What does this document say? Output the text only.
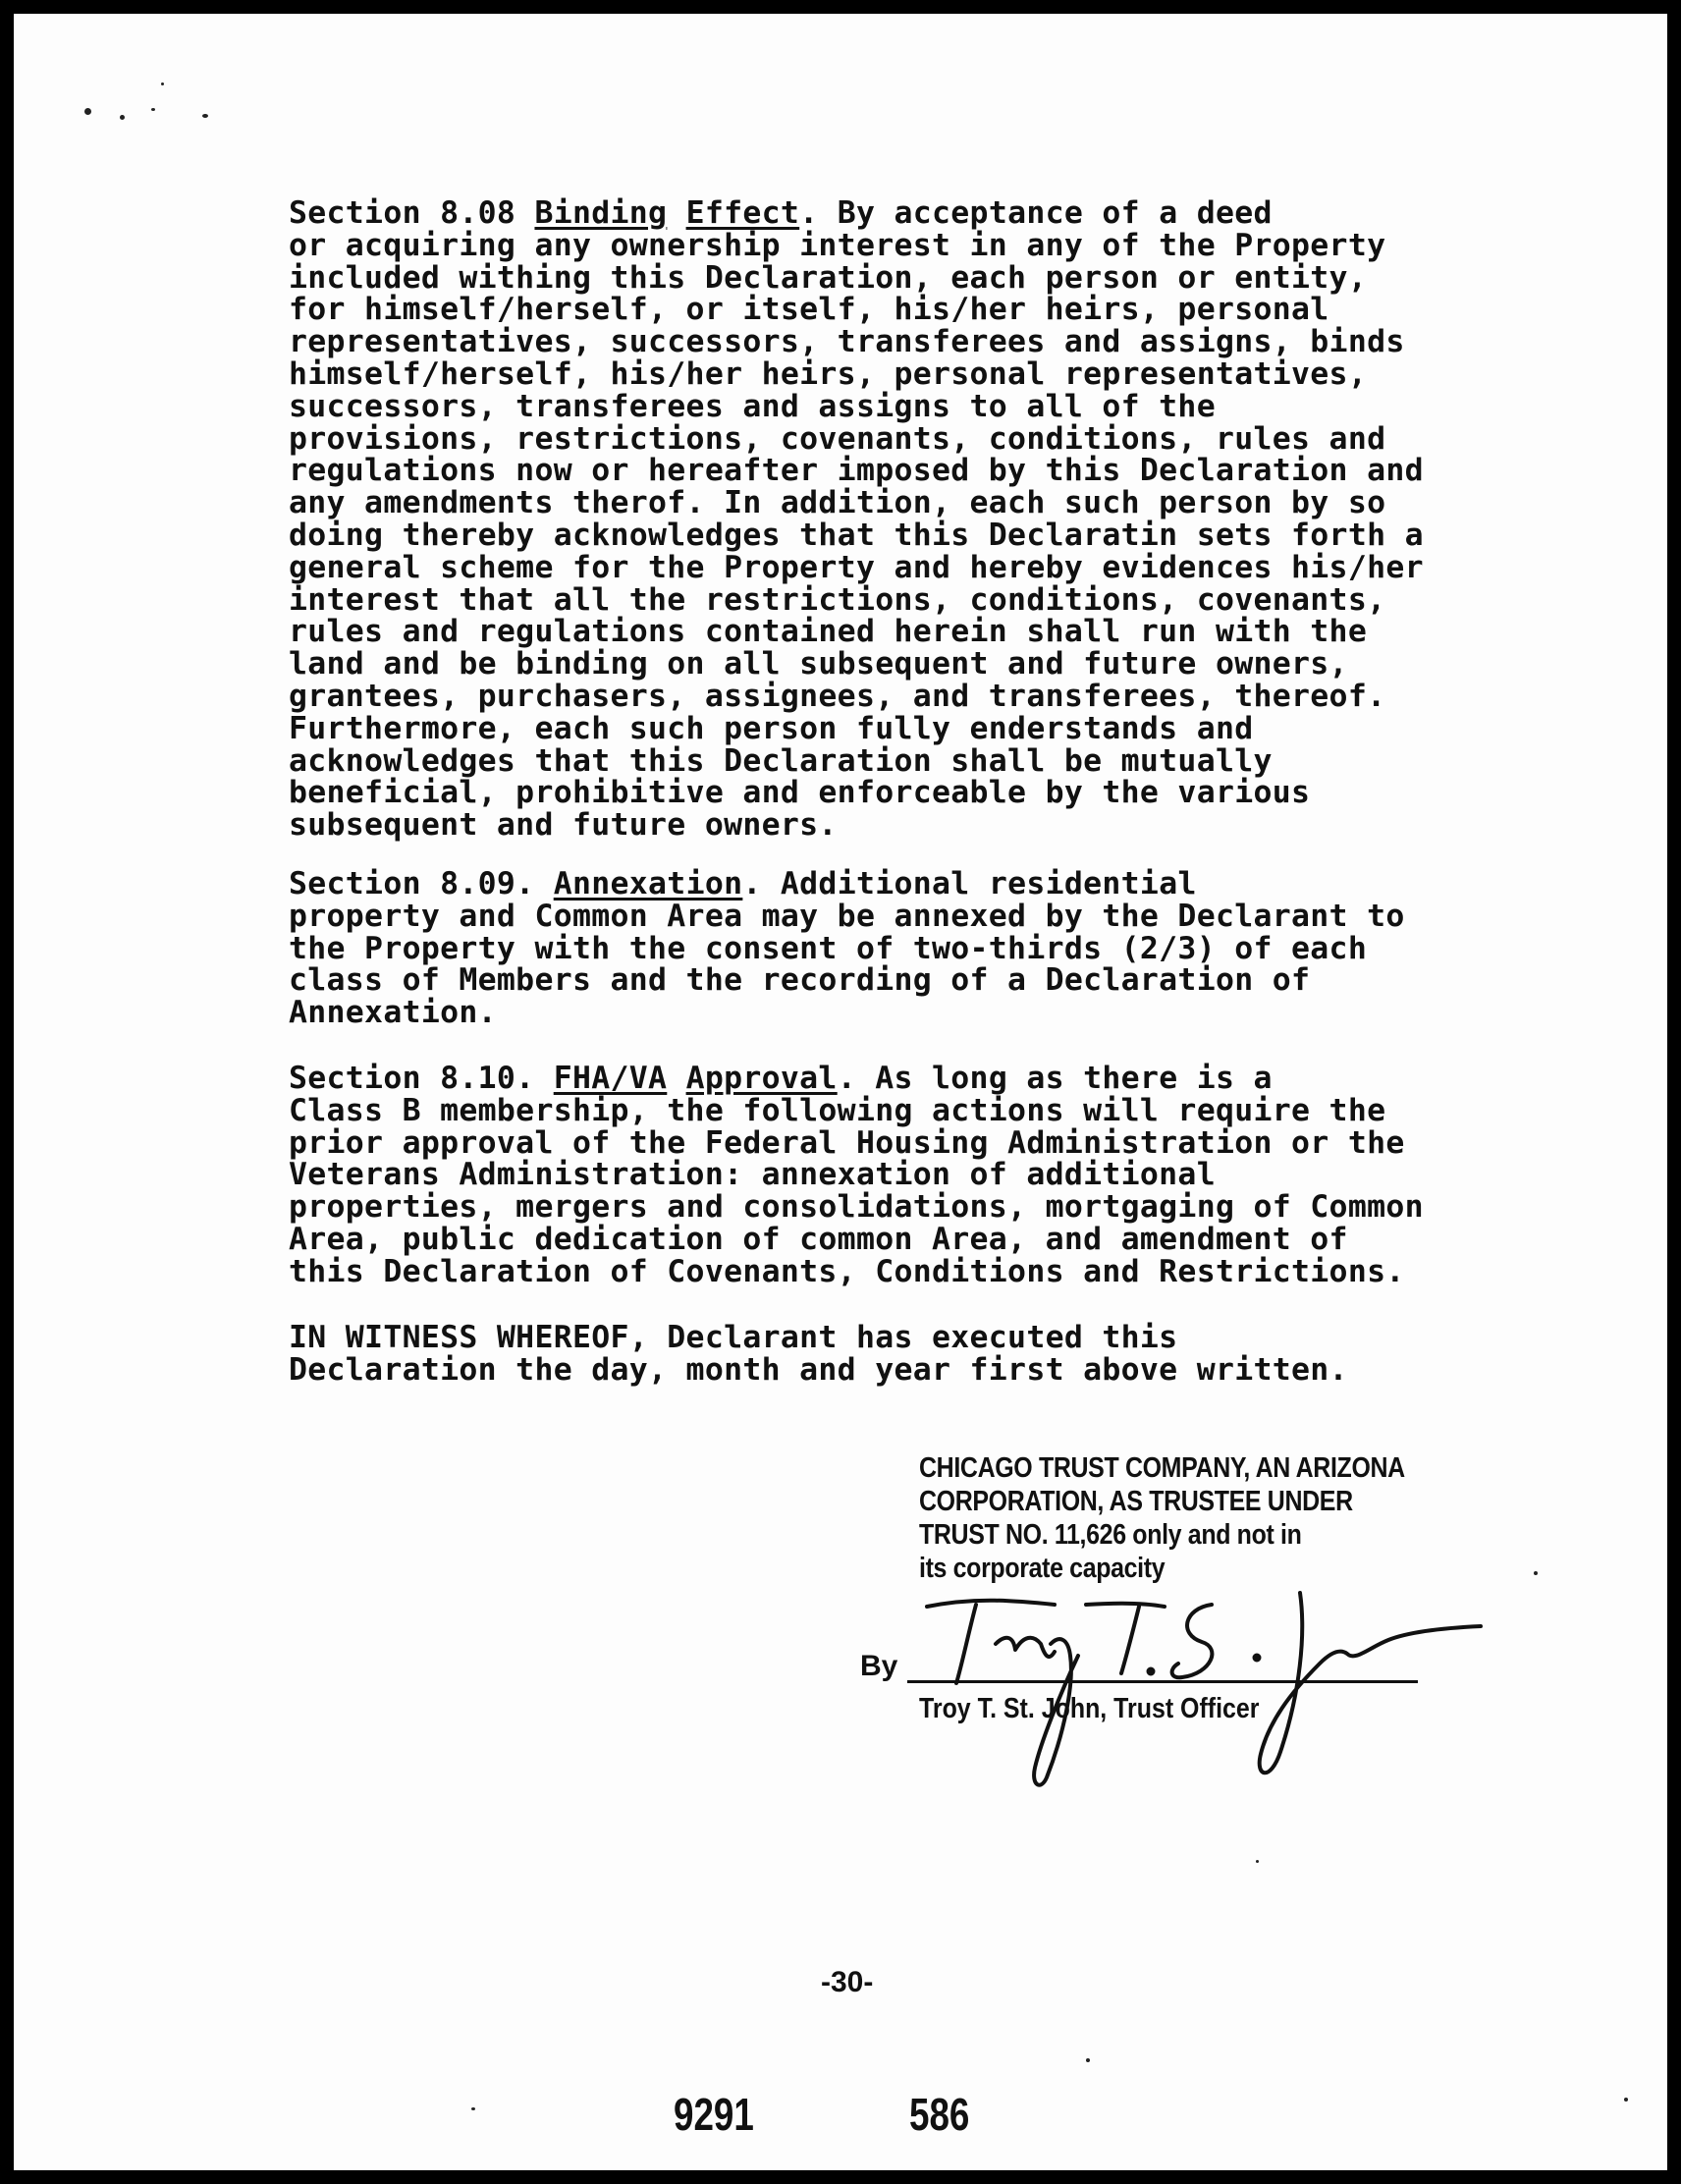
Section 8.08 Binding Effect. By acceptance of a deed
or acquiring any ownership interest in any of the Property
included withing this Declaration, each person or entity,
for himself/herself, or itself, his/her heirs, personal
representatives, successors, transferees and assigns, binds
himself/herself, his/her heirs, personal representatives,
successors, transferees and assigns to all of the
provisions, restrictions, covenants, conditions, rules and
regulations now or hereafter imposed by this Declaration and
any amendments therof. In addition, each such person by so
doing thereby acknowledges that this Declaratin sets forth a
general scheme for the Property and hereby evidences his/her
interest that all the restrictions, conditions, covenants,
rules and regulations contained herein shall run with the
land and be binding on all subsequent and future owners,
grantees, purchasers, assignees, and transferees, thereof.
Furthermore, each such person fully enderstands and
acknowledges that this Declaration shall be mutually
beneficial, prohibitive and enforceable by the various
subsequent and future owners.

Section 8.09. Annexation. Additional residential
property and Common Area may be annexed by the Declarant to
the Property with the consent of two-thirds (2/3) of each
class of Members and the recording of a Declaration of
Annexation.

Section 8.10. FHA/VA Approval. As long as there is a
Class B membership, the following actions will require the
prior approval of the Federal Housing Administration or the
Veterans Administration: annexation of additional
properties, mergers and consolidations, mortgaging of Common
Area, public dedication of common Area, and amendment of
this Declaration of Covenants, Conditions and Restrictions.

IN WITNESS WHEREOF, Declarant has executed this
Declaration the day, month and year first above written.

CHICAGO TRUST COMPANY, AN ARIZONA
CORPORATION, AS TRUSTEE UNDER
TRUST NO. 11,626 only and not in
its corporate capacity
By
Troy T. St. John, Trust Officer
-30-
9291	586
